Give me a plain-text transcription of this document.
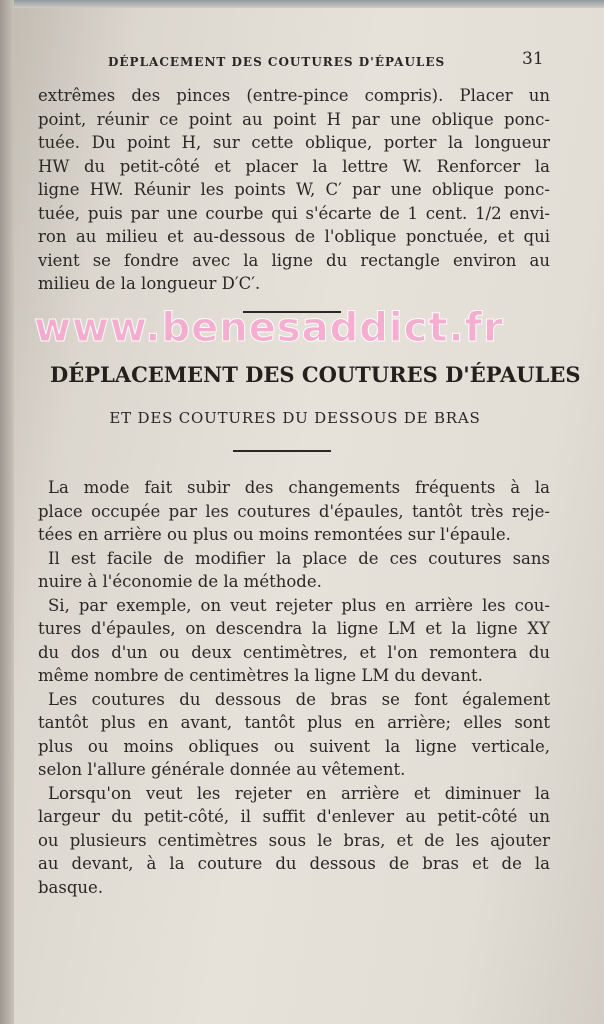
DÉPLACEMENT DES COUTURES D'ÉPAULES	31
extrêmes des pinces (entre-pince compris). Placer un
point, réunir ce point au point H par une oblique ponc-
tuée. Du point H, sur cette oblique, porter la longueur
HW du petit-côté et placer la lettre W. Renforcer la
ligne HW. Réunir les points W, C′ par une oblique ponc-
tuée, puis par une courbe qui s'écarte de 1 cent. 1/2 envi-
ron au milieu et au-dessous de l'oblique ponctuée, et qui
vient se fondre avec la ligne du rectangle environ au
milieu de la longueur D′C′.
www.benesaddict.fr
DÉPLACEMENT DES COUTURES D'ÉPAULES
ET DES COUTURES DU DESSOUS DE BRAS
La mode fait subir des changements fréquents à la
place occupée par les coutures d'épaules, tantôt très reje-
tées en arrière ou plus ou moins remontées sur l'épaule.
Il est facile de modifier la place de ces coutures sans
nuire à l'économie de la méthode.
Si, par exemple, on veut rejeter plus en arrière les cou-
tures d'épaules, on descendra la ligne LM et la ligne XY
du dos d'un ou deux centimètres, et l'on remontera du
même nombre de centimètres la ligne LM du devant.
Les coutures du dessous de bras se font également
tantôt plus en avant, tantôt plus en arrière; elles sont
plus ou moins obliques ou suivent la ligne verticale,
selon l'allure générale donnée au vêtement.
Lorsqu'on veut les rejeter en arrière et diminuer la
largeur du petit-côté, il suffit d'enlever au petit-côté un
ou plusieurs centimètres sous le bras, et de les ajouter
au devant, à la couture du dessous de bras et de la
basque.
